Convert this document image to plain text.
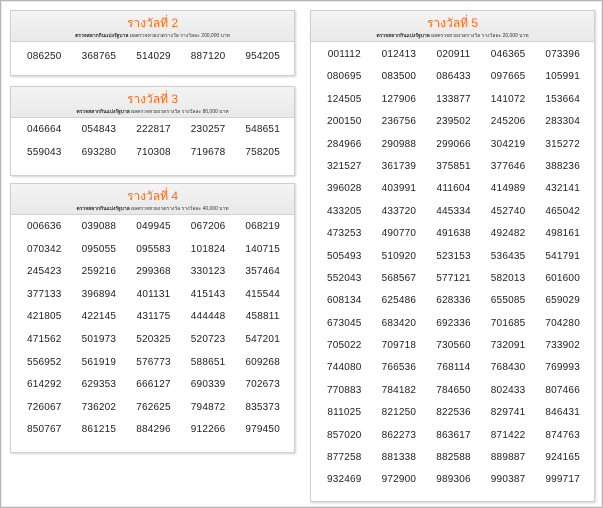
รางวัลที่ 2
ตรวจสลากกินแบ่งรัฐบาล ผลตรวจหวยงวดรางวัล รางวัลละ 200,000 บาท
086250	368765	514029	887120	954205
รางวัลที่ 3
ตรวจสลากกินแบ่งรัฐบาล ผลตรวจหวยงวดรางวัล รางวัลละ 80,000 บาท
046664	054843	222817	230257	548651
559043	693280	710308	719678	758205
รางวัลที่ 4
ตรวจสลากกินแบ่งรัฐบาล ผลตรวจหวยงวดรางวัล รางวัลละ 40,000 บาท
006636	039088	049945	067206	068219
070342	095055	095583	101824	140715
245423	259216	299368	330123	357464
377133	396894	401131	415143	415544
421805	422145	431175	444448	458811
471562	501973	520325	520723	547201
556952	561919	576773	588651	609268
614292	629353	666127	690339	702673
726067	736202	762625	794872	835373
850767	861215	884296	912266	979450
รางวัลที่ 5
ตรวจสลากกินแบ่งรัฐบาล ผลตรวจหวยงวดรางวัล รางวัลละ 20,000 บาท
001112	012413	020911	046365	073396
080695	083500	086433	097665	105991
124505	127906	133877	141072	153664
200150	236756	239502	245206	283304
284966	290988	299066	304219	315272
321527	361739	375851	377646	388236
396028	403991	411604	414989	432141
433205	433720	445334	452740	465042
473253	490770	491638	492482	498161
505493	510920	523153	536435	541791
552043	568567	577121	582013	601600
608134	625486	628336	655085	659029
673045	683420	692336	701685	704280
705022	709718	730560	732091	733902
744080	766536	768114	768430	769993
770883	784182	784650	802433	807466
811025	821250	822536	829741	846431
857020	862273	863617	871422	874763
877258	881338	882588	889887	924165
932469	972900	989306	990387	999717
